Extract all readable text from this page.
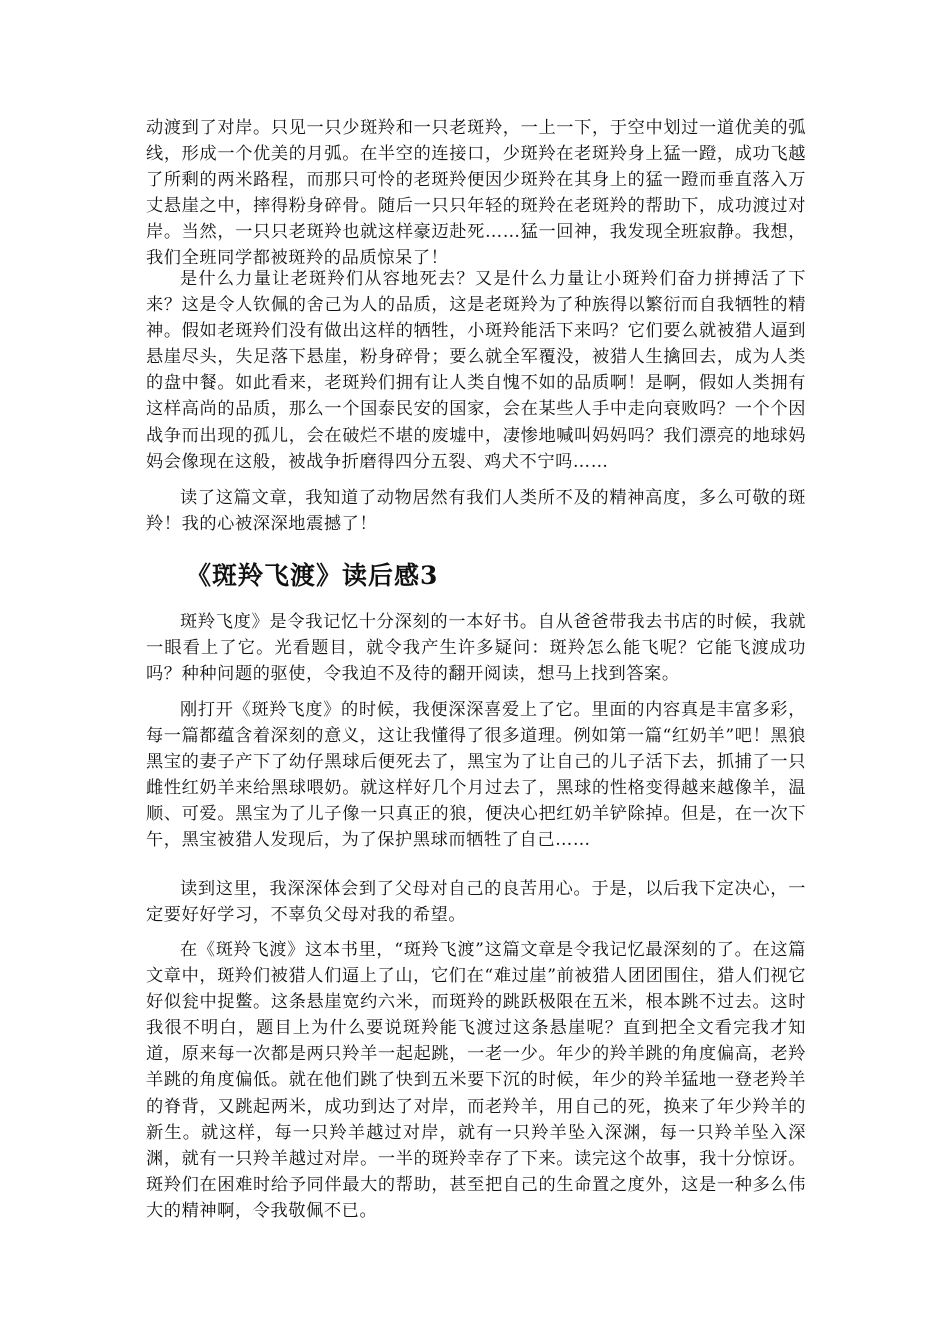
动渡到了对岸。只见一只少斑羚和一只老斑羚，一上一下，于空中划过一道优美的弧线，形成一个优美的月弧。在半空的连接口，少斑羚在老斑羚身上猛一蹬，成功飞越了所剩的两米路程，而那只可怜的老斑羚便因少斑羚在其身上的猛一蹬而垂直落入万丈悬崖之中，摔得粉身碎骨。随后一只只年轻的斑羚在老斑羚的帮助下，成功渡过对岸。当然，一只只老斑羚也就这样豪迈赴死……猛一回神，我发现全班寂静。我想，我们全班同学都被斑羚的品质惊呆了！

是什么力量让老斑羚们从容地死去？又是什么力量让小斑羚们奋力拼搏活了下来？这是令人钦佩的舍己为人的品质，这是老斑羚为了种族得以繁衍而自我牺牲的精神。假如老斑羚们没有做出这样的牺牲，小斑羚能活下来吗？它们要么就被猎人逼到悬崖尽头，失足落下悬崖，粉身碎骨；要么就全军覆没，被猎人生擒回去，成为人类的盘中餐。如此看来，老斑羚们拥有让人类自愧不如的品质啊！是啊，假如人类拥有这样高尚的品质，那么一个国泰民安的国家，会在某些人手中走向衰败吗？一个个因战争而出现的孤儿，会在破烂不堪的废墟中，凄惨地喊叫妈妈吗？我们漂亮的地球妈妈会像现在这般，被战争折磨得四分五裂、鸡犬不宁吗……

读了这篇文章，我知道了动物居然有我们人类所不及的精神高度，多么可敬的斑羚！我的心被深深地震撼了！

《斑羚飞渡》读后感3

斑羚飞度》是令我记忆十分深刻的一本好书。自从爸爸带我去书店的时候，我就一眼看上了它。光看题目，就令我产生许多疑问：斑羚怎么能飞呢？它能飞渡成功吗？种种问题的驱使，令我迫不及待的翻开阅读，想马上找到答案。

刚打开《斑羚飞度》的时候，我便深深喜爱上了它。里面的内容真是丰富多彩，每一篇都蕴含着深刻的意义，这让我懂得了很多道理。例如第一篇“红奶羊”吧！黑狼黑宝的妻子产下了幼仔黑球后便死去了，黑宝为了让自己的儿子活下去，抓捕了一只雌性红奶羊来给黑球喂奶。就这样好几个月过去了，黑球的性格变得越来越像羊，温顺、可爱。黑宝为了儿子像一只真正的狼，便决心把红奶羊铲除掉。但是，在一次下午，黑宝被猎人发现后，为了保护黑球而牺牲了自己……

读到这里，我深深体会到了父母对自己的良苦用心。于是，以后我下定决心，一定要好好学习，不辜负父母对我的希望。

在《斑羚飞渡》这本书里，“斑羚飞渡”这篇文章是令我记忆最深刻的了。在这篇文章中，斑羚们被猎人们逼上了山，它们在“难过崖”前被猎人团团围住，猎人们视它好似瓮中捉鳖。这条悬崖宽约六米，而斑羚的跳跃极限在五米，根本跳不过去。这时我很不明白，题目上为什么要说斑羚能飞渡过这条悬崖呢？直到把全文看完我才知道，原来每一次都是两只羚羊一起起跳，一老一少。年少的羚羊跳的角度偏高，老羚羊跳的角度偏低。就在他们跳了快到五米要下沉的时候，年少的羚羊猛地一登老羚羊的脊背，又跳起两米，成功到达了对岸，而老羚羊，用自己的死，换来了年少羚羊的新生。就这样，每一只羚羊越过对岸，就有一只羚羊坠入深渊，每一只羚羊坠入深渊，就有一只羚羊越过对岸。一半的斑羚幸存了下来。读完这个故事，我十分惊讶。斑羚们在困难时给予同伴最大的帮助，甚至把自己的生命置之度外，这是一种多么伟大的精神啊，令我敬佩不已。
